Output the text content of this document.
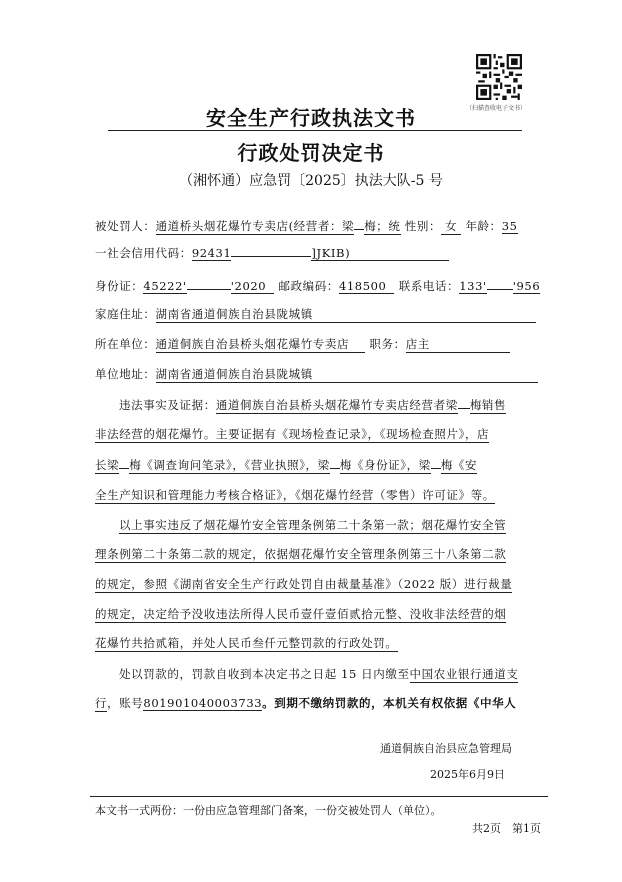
（扫描查收电子文书）
安全生产行政执法文书
行政处罚决定书
（湘怀通）应急罚〔2025〕执法大队-5 号
被处罚人：通道桥头烟花爆竹专卖店(经营者：梁 梅；统 性别： 女 年龄：35
一社会信用代码：92431	]JKIB)
身份证：45222'	'2020 邮政编码：418500 联系电话：133' '956
家庭住址：湖南省通道侗族自治县陇城镇
所在单位：通道侗族自治县桥头烟花爆竹专卖店 职务：店主
单位地址：湖南省通道侗族自治县陇城镇
违法事实及证据：通道侗族自治县桥头烟花爆竹专卖店经营者梁 梅销售
非法经营的烟花爆竹。主要证据有《现场检查记录》，《现场检查照片》，店
长梁 梅《调查询问笔录》，《营业执照》，梁 梅《身份证》，梁 梅《安
全生产知识和管理能力考核合格证》，《烟花爆竹经营（零售）许可证》等。
以上事实违反了烟花爆竹安全管理条例第二十条第一款；烟花爆竹安全管
理条例第二十条第二款的规定，依据烟花爆竹安全管理条例第三十八条第二款
的规定，参照《湖南省安全生产行政处罚自由裁量基准》（2022 版）进行裁量
的规定，决定给予没收违法所得人民币壹仟壹佰贰拾元整、没收非法经营的烟
花爆竹共拾贰箱，并处人民币叁仟元整罚款的行政处罚。
处以罚款的，罚款自收到本决定书之日起 15 日内缴至中国农业银行通道支
行，账号801901040003733。到期不缴纳罚款的，本机关有权依据《中华人
通道侗族自治县应急管理局
2025年6月9日
本文书一式两份：一份由应急管理部门备案，一份交被处罚人（单位）。
共2页　第1页
